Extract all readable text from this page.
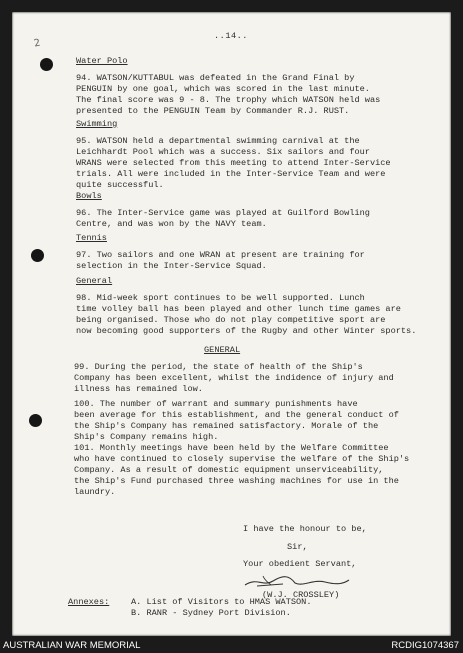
2
..14..
Water Polo
94. WATSON/KUTTABUL was defeated in the Grand Final by
PENGUIN by one goal, which was scored in the last minute.
The final score was 9 - 8. The trophy which WATSON held was
presented to the PENGUIN Team by Commander R.J. RUST.
Swimming
95. WATSON held a departmental swimming carnival at the
Leichhardt Pool which was a success. Six sailors and four
WRANS were selected from this meeting to attend Inter-Service
trials. All were included in the Inter-Service Team and were
quite successful.
Bowls
96. The Inter-Service game was played at Guilford Bowling
Centre, and was won by the NAVY team.
Tennis
97. Two sailors and one WRAN at present are training for
selection in the Inter-Service Squad.
General
98. Mid-week sport continues to be well supported. Lunch
time volley ball has been played and other lunch time games are
being organised. Those who do not play competitive sport are
now becoming good supporters of the Rugby and other Winter sports.
GENERAL
99. During the period, the state of health of the Ship's
Company has been excellent, whilst the indidence of injury and
illness has remained low.
100. The number of warrant and summary punishments have
been average for this establishment, and the general conduct of
the Ship's Company has remained satisfactory. Morale of the
Ship's Company remains high.
101. Monthly meetings have been held by the Welfare Committee
who have continued to closely supervise the welfare of the Ship's
Company. As a result of domestic equipment unserviceability,
the Ship's Fund purchased three washing machines for use in the
laundry.
I have the honour to be,
Sir,
Your obedient Servant,
(W.J. CROSSLEY)
Annexes:	A. List of Visitors to HMAS WATSON.
B. RANR - Sydney Port Division.
AUSTRALIAN WAR MEMORIAL	RCDIG1074367
